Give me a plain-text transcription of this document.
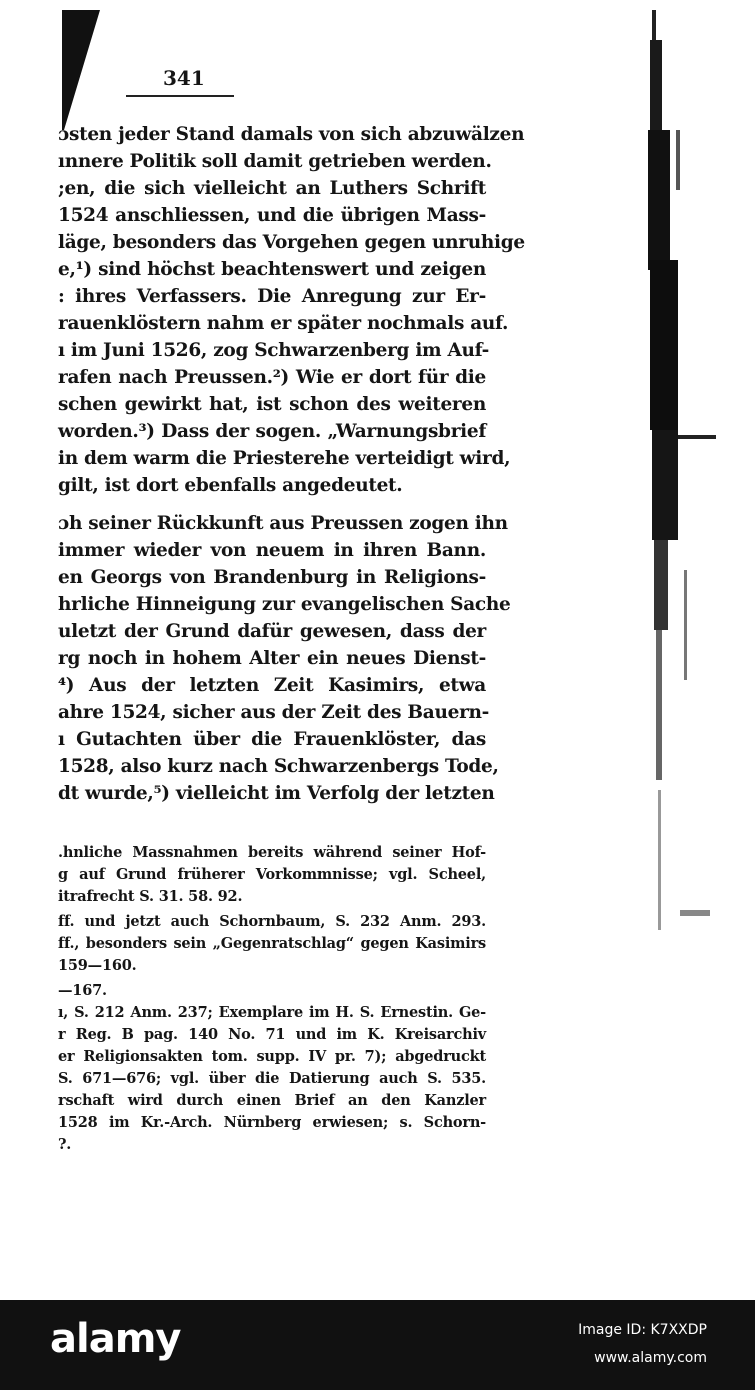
341
ɔsten jeder Stand damals von sich abzuwälzen
ınnere Politik soll damit getrieben werden.
;en, die sich vielleicht an Luthers Schrift
1524 anschliessen, und die übrigen Mass-
läge, besonders das Vorgehen gegen unruhige
e,¹) sind höchst beachtenswert und zeigen
: ihres Verfassers. Die Anregung zur Er-
rauenklöstern nahm er später nochmals auf.
ı im Juni 1526, zog Schwarzenberg im Auf-
rafen nach Preussen.²) Wie er dort für die
schen gewirkt hat, ist schon des weiteren
worden.³) Dass der sogen. „Warnungsbrief
in dem warm die Priesterehe verteidigt wird,
gilt, ist dort ebenfalls angedeutet.
ɔh seiner Rückkunft aus Preussen zogen ihn
immer wieder von neuem in ihren Bann.
en Georgs von Brandenburg in Religions-
hrliche Hinneigung zur evangelischen Sache
uletzt der Grund dafür gewesen, dass der
rg noch in hohem Alter ein neues Dienst-
⁴) Aus der letzten Zeit Kasimirs, etwa
ahre 1524, sicher aus der Zeit des Bauern-
ı Gutachten über die Frauenklöster, das
1528, also kurz nach Schwarzenbergs Tode,
dt wurde,⁵) vielleicht im Verfolg der letzten
.hnliche Massnahmen bereits während seiner Hof-
g auf Grund früherer Vorkommnisse; vgl. Scheel,
itrafrecht S. 31. 58. 92.
ff. und jetzt auch Schornbaum, S. 232 Anm. 293.
ff., besonders sein „Gegenratschlag“ gegen Kasimirs
159—160.
—167.
ı, S. 212 Anm. 237; Exemplare im H. S. Ernestin. Ge-
r Reg. B pag. 140 No. 71 und im K. Kreisarchiv
er Religionsakten tom. supp. IV pr. 7); abgedruckt
S. 671—676; vgl. über die Datierung auch S. 535.
rschaft wird durch einen Brief an den Kanzler
1528 im Kr.-Arch. Nürnberg erwiesen; s. Schorn-
?.
alamy	Image ID: K7XXDP
www.alamy.com
